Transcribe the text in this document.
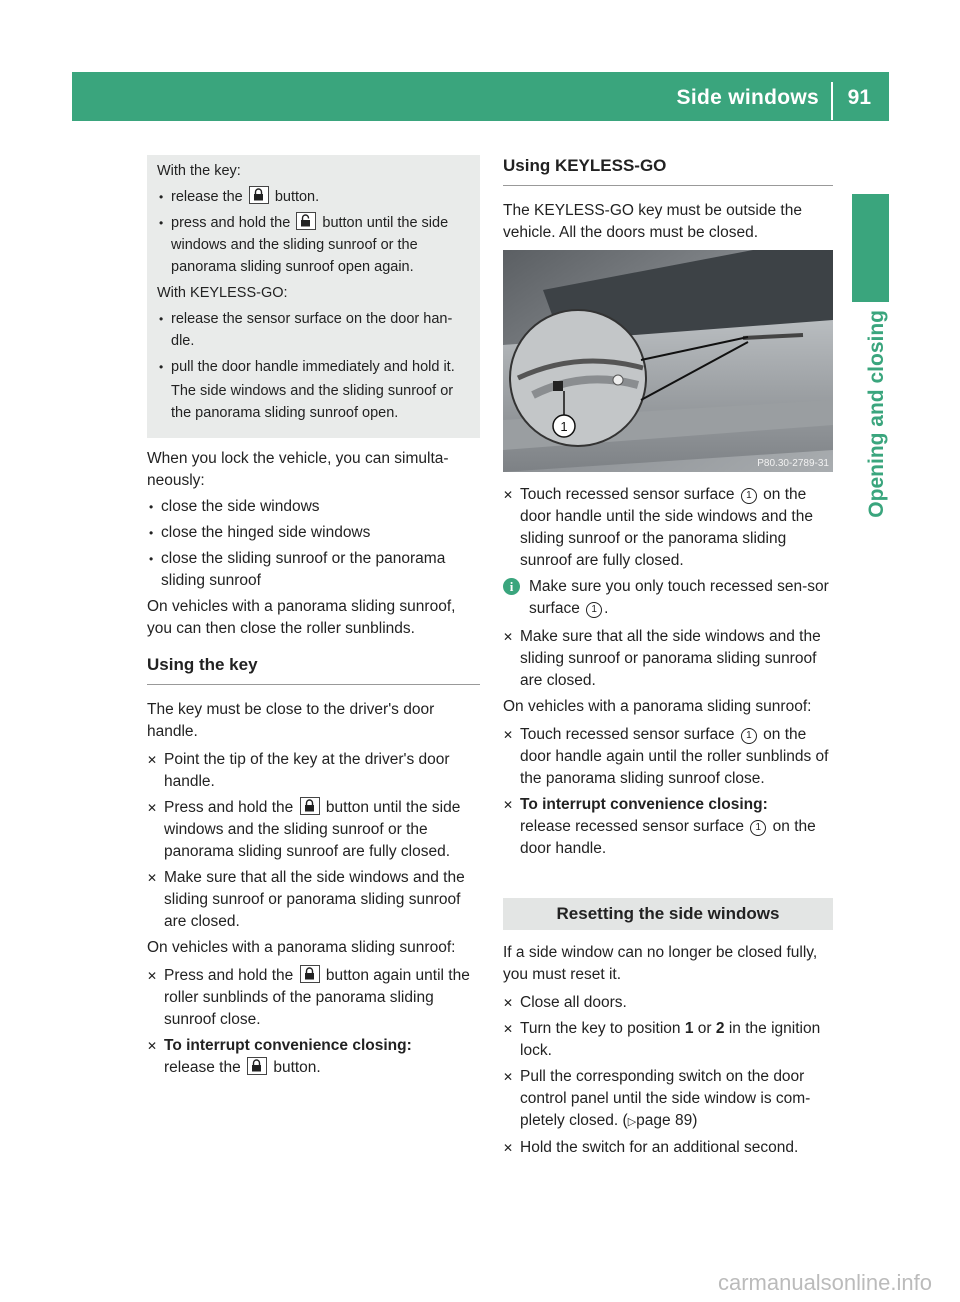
Side windows 91
Opening and closing

With the key:

• release the button.
• press and hold the button until the side windows and the sliding sunroof or the panorama sliding sunroof open again.

With KEYLESS-GO:

• release the sensor surface on the door han-dle.
• pull the door handle immediately and hold it.
The side windows and the sliding sunroof or the panorama sliding sunroof open.

When you lock the vehicle, you can simulta-neously:

• close the side windows
• close the hinged side windows
• close the sliding sunroof or the panorama sliding sunroof

On vehicles with a panorama sliding sunroof, you can then close the roller sunblinds.

Using the key

The key must be close to the driver's door handle.

✕ Point the tip of the key at the driver's door handle.
✕ Press and hold the button until the side windows and the sliding sunroof or the panorama sliding sunroof are fully closed.
✕ Make sure that all the side windows and the sliding sunroof or panorama sliding sunroof are closed.

On vehicles with a panorama sliding sunroof:

✕ Press and hold the button again until the roller sunblinds of the panorama sliding sunroof close.
✕ To interrupt convenience closing:
release the button.
Using KEYLESS-GO

The KEYLESS-GO key must be outside the vehicle. All the doors must be closed.

1
P80.30-2789-31
✕ Touch recessed sensor surface 1 on the door handle until the side windows and the sliding sunroof or the panorama sliding sunroof are fully closed.
i	Make sure you only touch recessed sen-sor surface 1 .
✕ Make sure that all the side windows and the sliding sunroof or panorama sliding sunroof are closed.

On vehicles with a panorama sliding sunroof:

✕ Touch recessed sensor surface 1 on the door handle again until the roller sunblinds of the panorama sliding sunroof close.
✕ To interrupt convenience closing:
release recessed sensor surface 1 on the door handle.
Resetting the side windows

If a side window can no longer be closed fully, you must reset it.

✕ Close all doors.
✕ Turn the key to position 1 or 2 in the ignition lock.
✕ Pull the corresponding switch on the door control panel until the side window is com-pletely closed. (▷page 89)
✕ Hold the switch for an additional second.
carmanualsonline.info
